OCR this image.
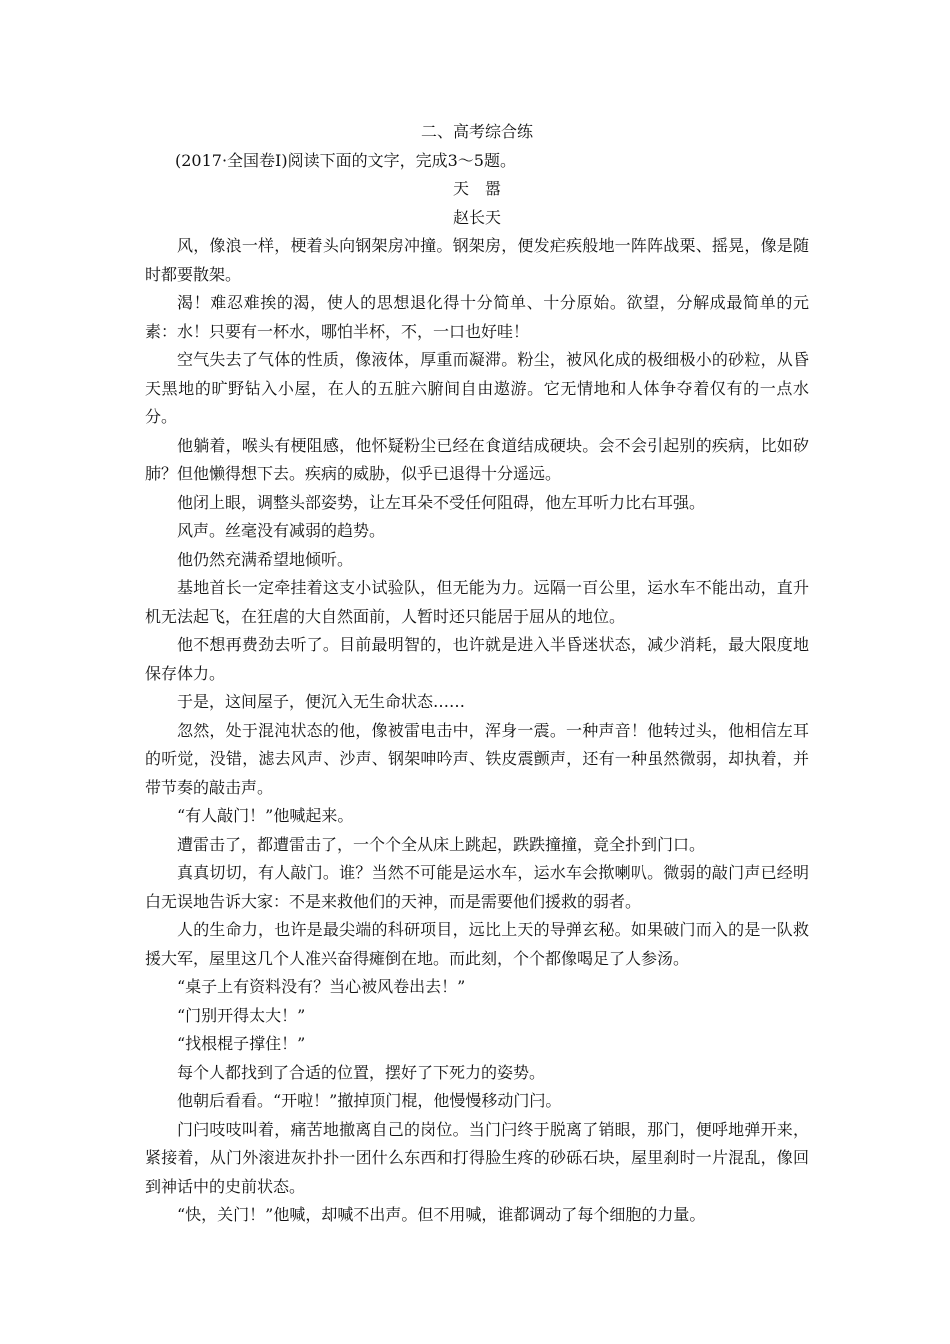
二、高考综合练

(2017·全国卷Ⅰ)阅读下面的文字，完成3～5题。

天　嚣

赵长天

风，像浪一样，梗着头向钢架房冲撞。钢架房，便发疟疾般地一阵阵战栗、摇晃，像是随时都要散架。

渴！难忍难挨的渴，使人的思想退化得十分简单、十分原始。欲望，分解成最简单的元素：水！只要有一杯水，哪怕半杯，不，一口也好哇！

空气失去了气体的性质，像液体，厚重而凝滞。粉尘，被风化成的极细极小的砂粒，从昏天黑地的旷野钻入小屋，在人的五脏六腑间自由遨游。它无情地和人体争夺着仅有的一点水分。

他躺着，喉头有梗阻感，他怀疑粉尘已经在食道结成硬块。会不会引起别的疾病，比如矽肺？但他懒得想下去。疾病的威胁，似乎已退得十分遥远。

他闭上眼，调整头部姿势，让左耳朵不受任何阻碍，他左耳听力比右耳强。

风声。丝毫没有减弱的趋势。

他仍然充满希望地倾听。

基地首长一定牵挂着这支小试验队，但无能为力。远隔一百公里，运水车不能出动，直升机无法起飞，在狂虐的大自然面前，人暂时还只能居于屈从的地位。

他不想再费劲去听了。目前最明智的，也许就是进入半昏迷状态，减少消耗，最大限度地保存体力。

于是，这间屋子，便沉入无生命状态……

忽然，处于混沌状态的他，像被雷电击中，浑身一震。一种声音！他转过头，他相信左耳的听觉，没错，滤去风声、沙声、钢架呻吟声、铁皮震颤声，还有一种虽然微弱，却执着，并带节奏的敲击声。

“有人敲门！”他喊起来。

遭雷击了，都遭雷击了，一个个全从床上跳起，跌跌撞撞，竟全扑到门口。

真真切切，有人敲门。谁？当然不可能是运水车，运水车会揿喇叭。微弱的敲门声已经明白无误地告诉大家：不是来救他们的天神，而是需要他们援救的弱者。

人的生命力，也许是最尖端的科研项目，远比上天的导弹玄秘。如果破门而入的是一队救援大军，屋里这几个人准兴奋得瘫倒在地。而此刻，个个都像喝足了人参汤。

“桌子上有资料没有？当心被风卷出去！”

“门别开得太大！”

“找根棍子撑住！”

每个人都找到了合适的位置，摆好了下死力的姿势。

他朝后看看。“开啦！”撤掉顶门棍，他慢慢移动门闩。

门闩吱吱叫着，痛苦地撤离自己的岗位。当门闩终于脱离了销眼，那门，便呼地弹开来，紧接着，从门外滚进灰扑扑一团什么东西和打得脸生疼的砂砾石块，屋里刹时一片混乱，像回到神话中的史前状态。

“快，关门！”他喊，却喊不出声。但不用喊，谁都调动了每个细胞的力量。
